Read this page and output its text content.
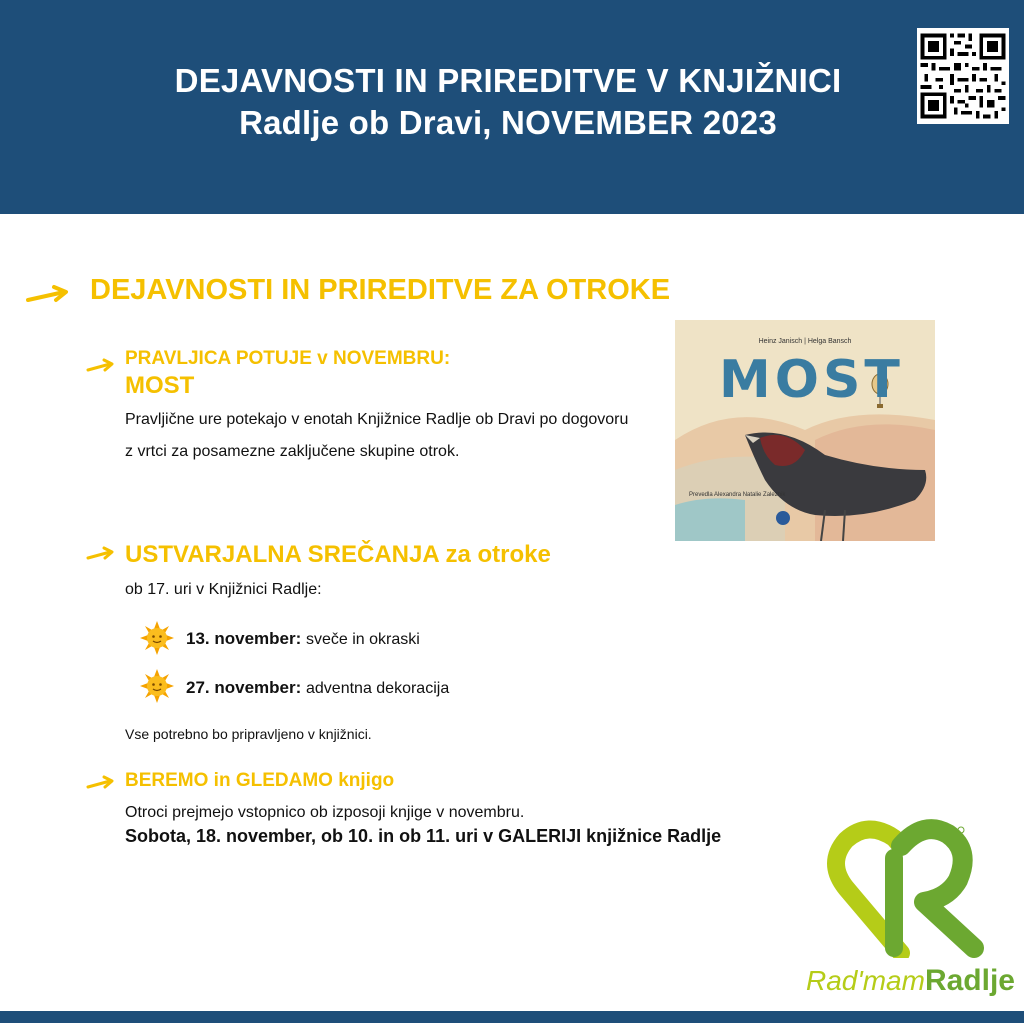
DEJAVNOSTI IN PRIREDITVE V KNJIŽNICI
Radlje ob Dravi, NOVEMBER 2023
DEJAVNOSTI IN PRIREDITVE ZA OTROKE
PRAVLJICA POTUJE v NOVEMBRU:
MOST
Pravljične ure potekajo v enotah Knjižnice Radlje ob Dravi po dogovoru
z vrtci za posamezne zaključene skupine otrok.
Heinz Janisch | Helga Bansch
MOST
Prevedla Alexandra Natalie Zaleznik
USTVARJALNA SREČANJA za otroke
ob 17. uri v Knjižnici Radlje:
13. november: sveče in okraski
27. november: adventna dekoracija
Vse potrebno bo pripravljeno v knjižnici.
BEREMO in GLEDAMO knjigo
Otroci prejmejo vstopnico ob izposoji knjige v novembru.
Sobota, 18. november, ob 10. in ob 11. uri v GALERIJI knjižnice Radlje
Rad'mamRadlje
